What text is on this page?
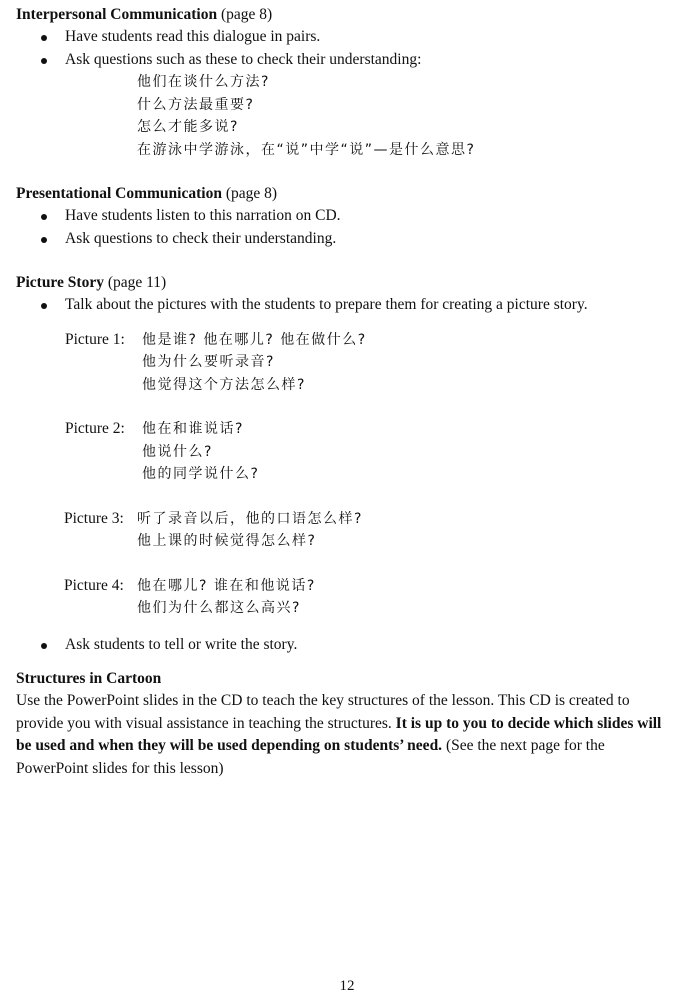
Interpersonal Communication (page 8)

Have students read this dialogue in pairs.
Ask questions such as these to check their understanding:
他们在谈什么方法?
什么方法最重要?
怎么才能多说?
在游泳中学游泳，在“说”中学“说”—是什么意思?

Presentational Communication (page 8)

Have students listen to this narration on CD.
Ask questions to check their understanding.

Picture Story (page 11)

Talk about the pictures with the students to prepare them for creating a picture story.
Picture 1:	他是谁? 他在哪儿? 他在做什么?
他为什么要听录音?
他觉得这个方法怎么样?
Picture 2:	他在和谁说话?
他说什么?
他的同学说什么?
Picture 3: 听了录音以后，他的口语怎么样?
他上课的时候觉得怎么样?
Picture 4: 他在哪儿? 谁在和他说话?
他们为什么都这么高兴?
Ask students to tell or write the story.

Structures in Cartoon

Use the PowerPoint slides in the CD to teach the key structures of the lesson. This CD is created to provide you with visual assistance in teaching the structures. It is up to you to decide which slides will be used and when they will be used depending on students’ need. (See the next page for the PowerPoint slides for this lesson)

12
